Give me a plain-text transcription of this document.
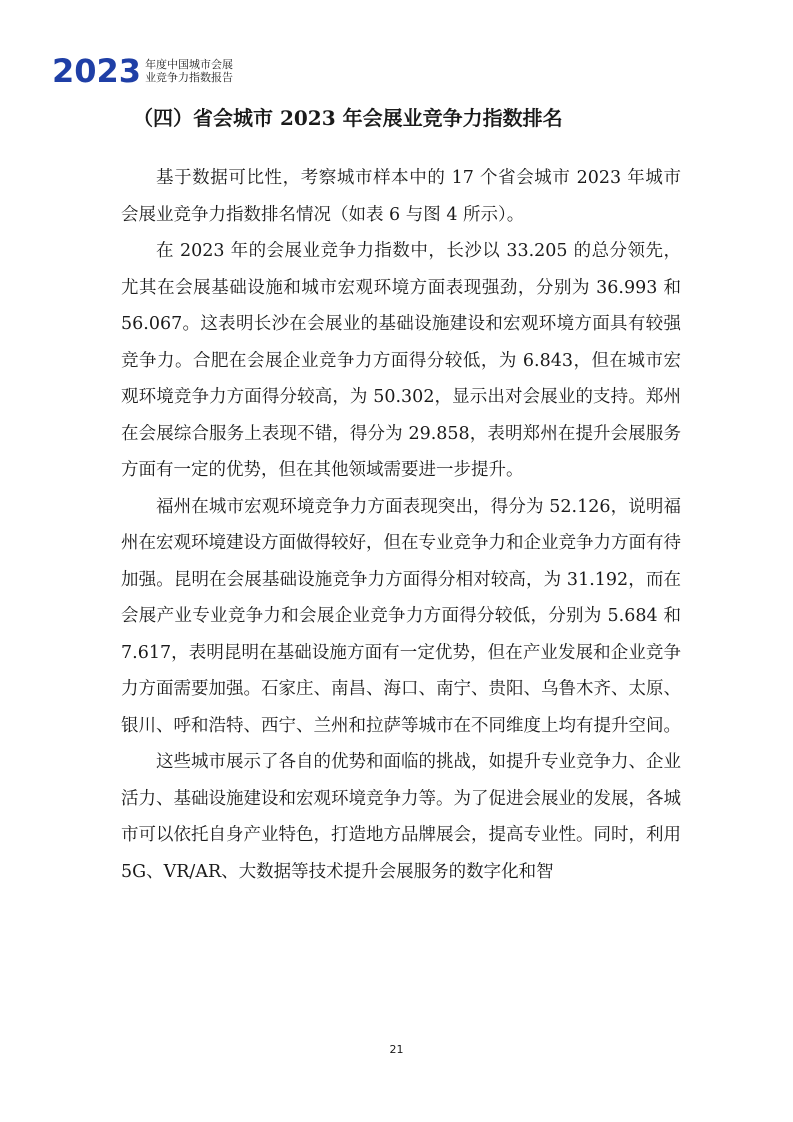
2023 年度中国城市会展
业竞争力指数报告
（四）省会城市 2023 年会展业竞争力指数排名

基于数据可比性，考察城市样本中的 17 个省会城市 2023 年城市会展业竞争力指数排名情况（如表 6 与图 4 所示）。

在 2023 年的会展业竞争力指数中，长沙以 33.205 的总分领先，尤其在会展基础设施和城市宏观环境方面表现强劲，分别为 36.993 和 56.067。这表明长沙在会展业的基础设施建设和宏观环境方面具有较强竞争力。合肥在会展企业竞争力方面得分较低，为 6.843，但在城市宏观环境竞争力方面得分较高，为 50.302，显示出对会展业的支持。郑州在会展综合服务上表现不错，得分为 29.858，表明郑州在提升会展服务方面有一定的优势，但在其他领域需要进一步提升。

福州在城市宏观环境竞争力方面表现突出，得分为 52.126，说明福州在宏观环境建设方面做得较好，但在专业竞争力和企业竞争力方面有待加强。昆明在会展基础设施竞争力方面得分相对较高，为 31.192，而在会展产业专业竞争力和会展企业竞争力方面得分较低，分别为 5.684 和 7.617，表明昆明在基础设施方面有一定优势，但在产业发展和企业竞争力方面需要加强。石家庄、南昌、海口、南宁、贵阳、乌鲁木齐、太原、银川、呼和浩特、西宁、兰州和拉萨等城市在不同维度上均有提升空间。

这些城市展示了各自的优势和面临的挑战，如提升专业竞争力、企业活力、基础设施建设和宏观环境竞争力等。为了促进会展业的发展，各城市可以依托自身产业特色，打造地方品牌展会，提高专业性。同时，利用 5G、VR/AR、大数据等技术提升会展服务的数字化和智

21
